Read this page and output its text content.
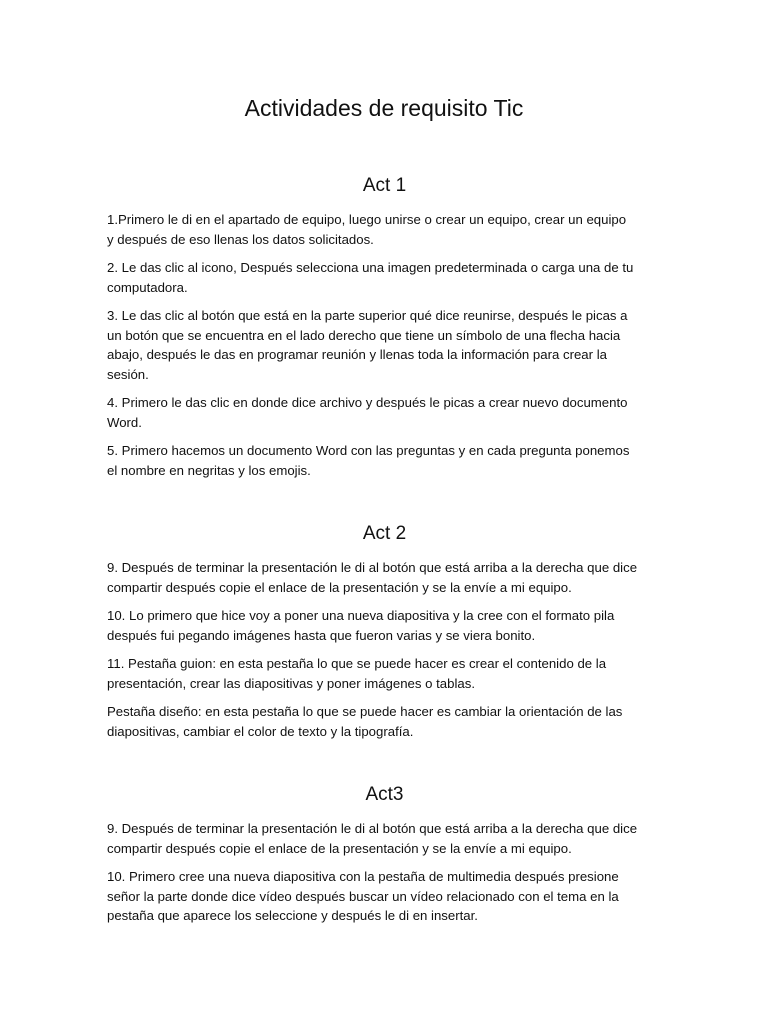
Actividades de requisito Tic
Act 1

1.Primero le di en el apartado de equipo, luego unirse o crear un equipo, crear un equipo
y después de eso llenas los datos solicitados.

2. Le das clic al icono, Después selecciona una imagen predeterminada o carga una de tu
computadora.

3. Le das clic al botón que está en la parte superior qué dice reunirse, después le picas a
un botón que se encuentra en el lado derecho que tiene un símbolo de una flecha hacia
abajo, después le das en programar reunión y llenas toda la información para crear la
sesión.

4. Primero le das clic en donde dice archivo y después le picas a crear nuevo documento
Word.

5. Primero hacemos un documento Word con las preguntas y en cada pregunta ponemos
el nombre en negritas y los emojis.

Act 2

9. Después de terminar la presentación le di al botón que está arriba a la derecha que dice
compartir después copie el enlace de la presentación y se la envíe a mi equipo.

10. Lo primero que hice voy a poner una nueva diapositiva y la cree con el formato pila
después fui pegando imágenes hasta que fueron varias y se viera bonito.

11. Pestaña guion: en esta pestaña lo que se puede hacer es crear el contenido de la
presentación, crear las diapositivas y poner imágenes o tablas.

Pestaña diseño: en esta pestaña lo que se puede hacer es cambiar la orientación de las
diapositivas, cambiar el color de texto y la tipografía.

Act3

9. Después de terminar la presentación le di al botón que está arriba a la derecha que dice
compartir después copie el enlace de la presentación y se la envíe a mi equipo.

10. Primero cree una nueva diapositiva con la pestaña de multimedia después presione
señor la parte donde dice vídeo después buscar un vídeo relacionado con el tema en la
pestaña que aparece los seleccione y después le di en insertar.
